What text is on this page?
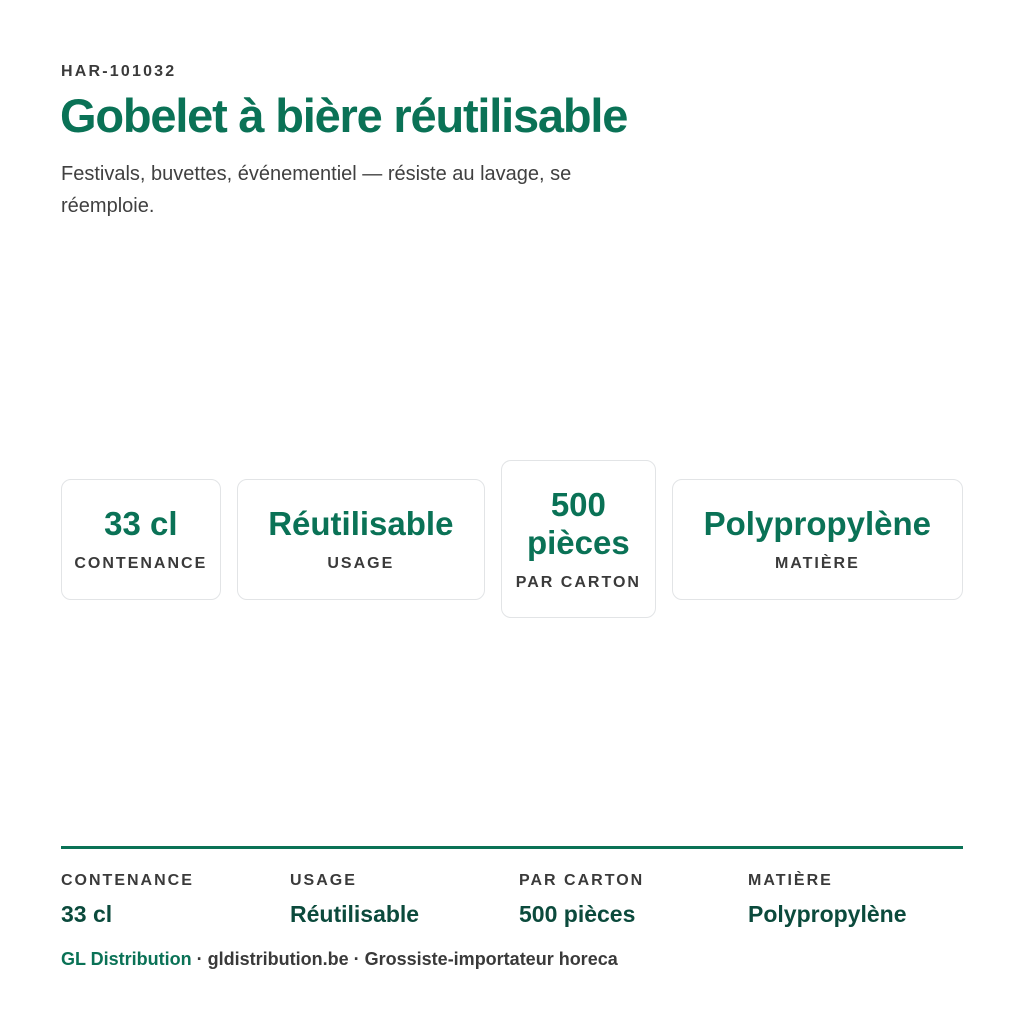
HAR-101032
Gobelet à bière réutilisable

Festivals, buvettes, événementiel — résiste au lavage, se réemploie.

33 cl
CONTENANCE
Réutilisable
USAGE
500 pièces
PAR CARTON
Polypropylène
MATIÈRE
CONTENANCE
33 cl
USAGE
Réutilisable
PAR CARTON
500 pièces
MATIÈRE
Polypropylène
GL Distribution · gldistribution.be · Grossiste-importateur horeca
